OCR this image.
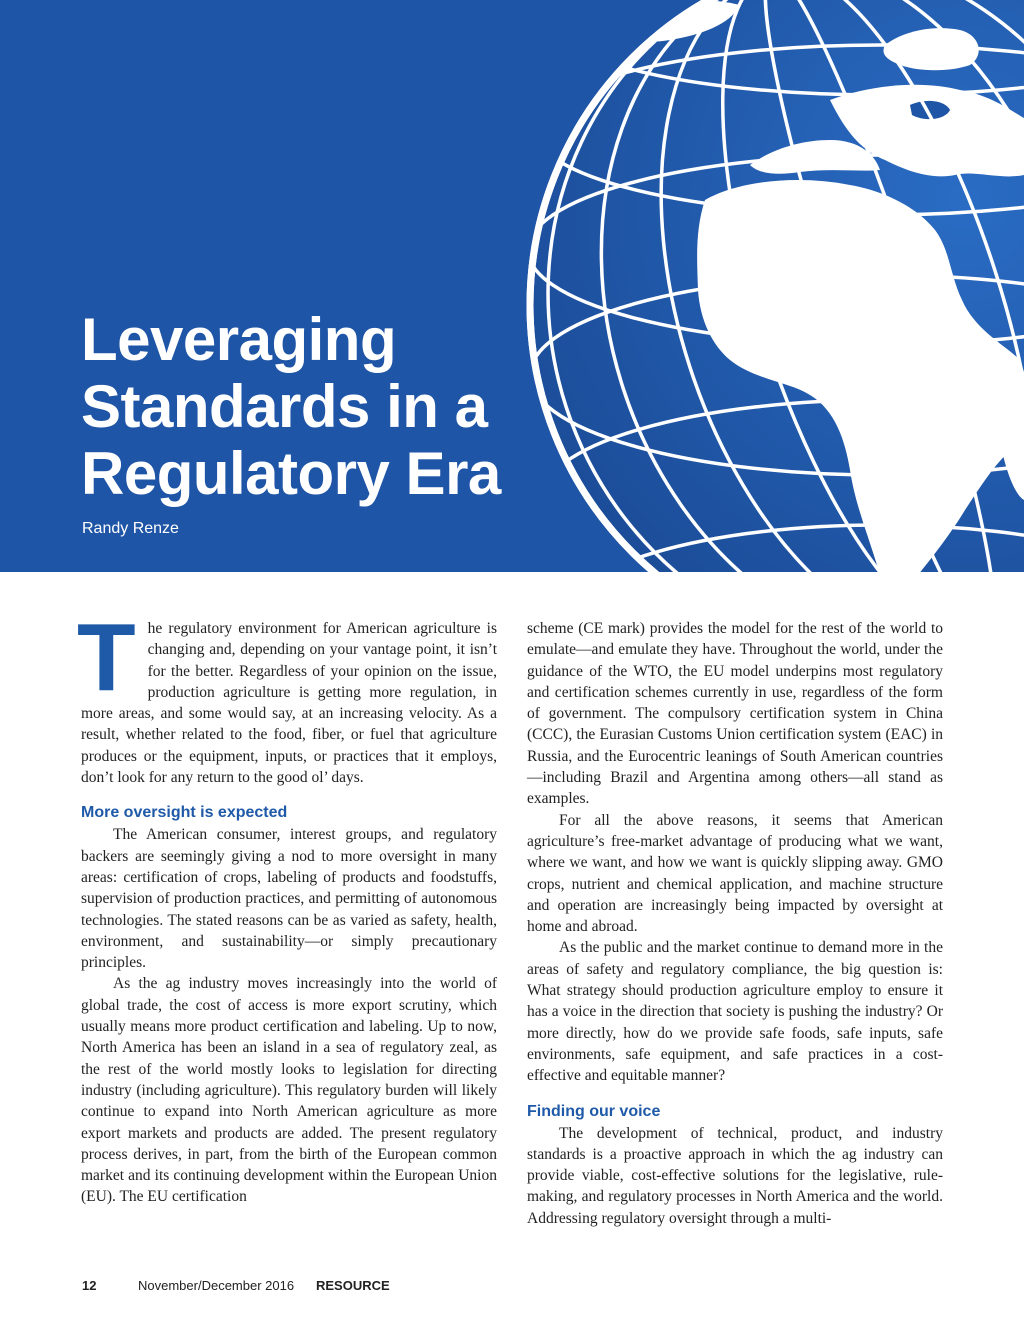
Leveraging
Standards in a
Regulatory Era
Randy Renze

The regulatory environment for American agriculture is changing and, depending on your vantage point, it isn’t for the better. Regardless of your opinion on the issue, production agriculture is getting more regulation, in more areas, and some would say, at an increasing velocity. As a result, whether related to the food, fiber, or fuel that agriculture produces or the equipment, inputs, or practices that it employs, don’t look for any return to the good ol’ days.

More oversight is expected

The American consumer, interest groups, and regulatory backers are seemingly giving a nod to more oversight in many areas: certification of crops, labeling of products and foodstuffs, supervision of production practices, and permitting of autonomous technologies. The stated reasons can be as varied as safety, health, environment, and sustainability—or simply precautionary principles.

As the ag industry moves increasingly into the world of global trade, the cost of access is more export scrutiny, which usually means more product certification and labeling. Up to now, North America has been an island in a sea of regulatory zeal, as the rest of the world mostly looks to legislation for directing industry (including agriculture). This regulatory burden will likely continue to expand into North American agriculture as more export markets and products are added. The present regulatory process derives, in part, from the birth of the European common market and its continuing development within the European Union (EU). The EU certification

scheme (CE mark) provides the model for the rest of the world to emulate—and emulate they have. Throughout the world, under the guidance of the WTO, the EU model underpins most regulatory and certification schemes currently in use, regardless of the form of government. The compulsory certification system in China (CCC), the Eurasian Customs Union certification system (EAC) in Russia, and the Eurocentric leanings of South American countries—including Brazil and Argentina among others—all stand as examples.

For all the above reasons, it seems that American agriculture’s free-market advantage of producing what we want, where we want, and how we want is quickly slipping away. GMO crops, nutrient and chemical application, and machine structure and operation are increasingly being impacted by oversight at home and abroad.

As the public and the market continue to demand more in the areas of safety and regulatory compliance, the big question is: What strategy should production agriculture employ to ensure it has a voice in the direction that society is pushing the industry? Or more directly, how do we provide safe foods, safe inputs, safe environments, safe equipment, and safe practices in a cost-effective and equitable manner?

Finding our voice

The development of technical, product, and industry standards is a proactive approach in which the ag industry can provide viable, cost-effective solutions for the legislative, rule-making, and regulatory processes in North America and the world. Addressing regulatory oversight through a multi-

12	November/December 2016 RESOURCE
